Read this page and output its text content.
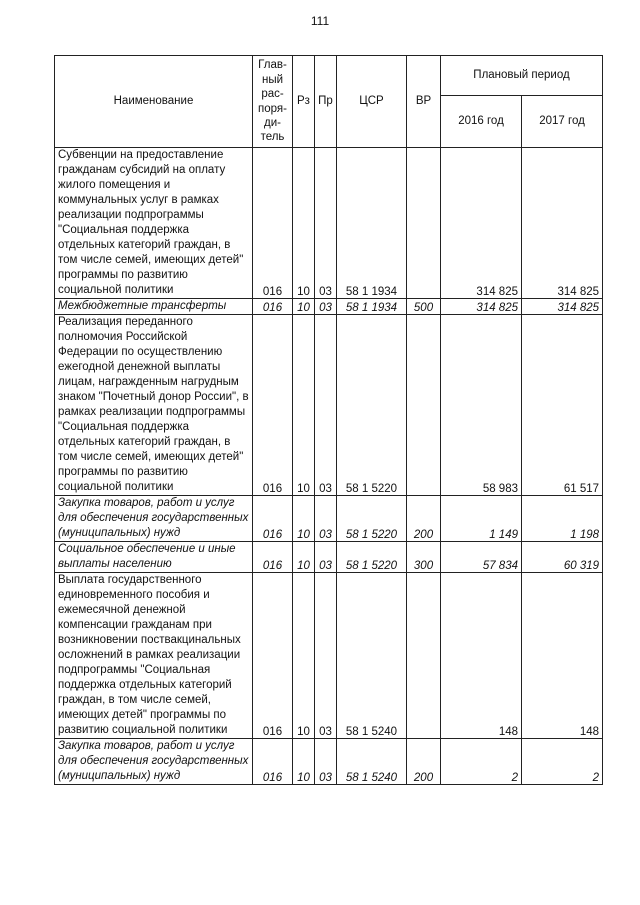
111
Наименование	Глав-ный рас-поря-ди-тель	Рз	Пр	ЦСР	ВР	Плановый период	
						2016 год	2017 год
Субвенции на предоставление гражданам субсидий на оплату жилого помещения и коммунальных услуг в рамках реализации подпрограммы "Социальная поддержка отдельных категорий граждан, в том числе семей, имеющих детей" программы по развитию социальной политики	016	10	03	58 1 1934		314 825	314 825
Межбюджетные трансферты	016	10	03	58 1 1934	500	314 825	314 825
Реализация переданного полномочия Российской Федерации по осуществлению ежегодной денежной выплаты лицам, награжденным нагрудным знаком "Почетный донор России", в рамках реализации подпрограммы "Социальная поддержка отдельных категорий граждан, в том числе семей, имеющих детей" программы по развитию социальной политики	016	10	03	58 1 5220		58 983	61 517
Закупка товаров, работ и услуг для обеспечения государственных (муниципальных) нужд	016	10	03	58 1 5220	200	1 149	1 198
Социальное обеспечение и иные выплаты населению	016	10	03	58 1 5220	300	57 834	60 319
Выплата государственного единовременного пособия и ежемесячной денежной компенсации гражданам при возникновении поствакцинальных осложнений в рамках реализации подпрограммы "Социальная поддержка отдельных категорий граждан, в том числе семей, имеющих детей" программы по развитию социальной политики	016	10	03	58 1 5240		148	148
Закупка товаров, работ и услуг для обеспечения государственных (муниципальных) нужд	016	10	03	58 1 5240	200	2	2
